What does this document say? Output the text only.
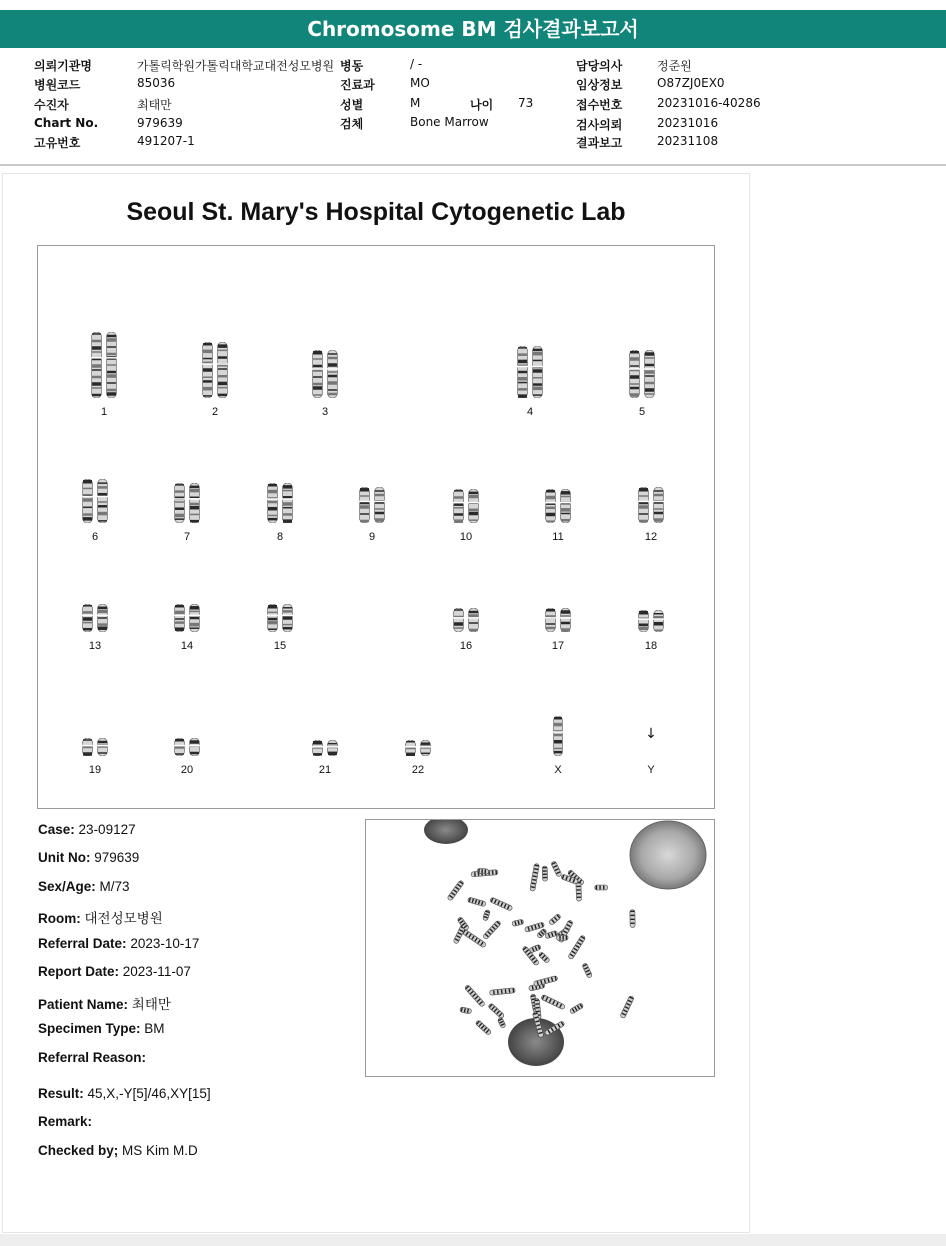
Chromosome BM 검사결과보고서
의뢰기관명	가톨릭학원가톨릭대학교대전성모병원
병원코드	85036
수진자	최태만
Chart No.	979639
고유번호	491207-1
병동	/ -
진료과	MO
성별	M	나이 73
검체	Bone Marrow
담당의사	정준원
임상정보	O87ZJ0EX0
접수번호	20231016-40286
검사의뢰	20231016
결과보고	20231108
Seoul St. Mary's Hospital Cytogenetic Lab
1	2	3	4	5
6	7	8	9	10	11	12
13	14	15	16	17	18
19	20	21	22	X	Y
↓
Case: 23-09127
Unit No: 979639
Sex/Age: M/73
Room: 대전성모병원
Referral Date: 2023-10-17
Report Date: 2023-11-07
Patient Name: 최태만
Specimen Type: BM
Referral Reason:
Result: 45,X,-Y[5]/46,XY[15]
Remark:
Checked by; MS Kim M.D
